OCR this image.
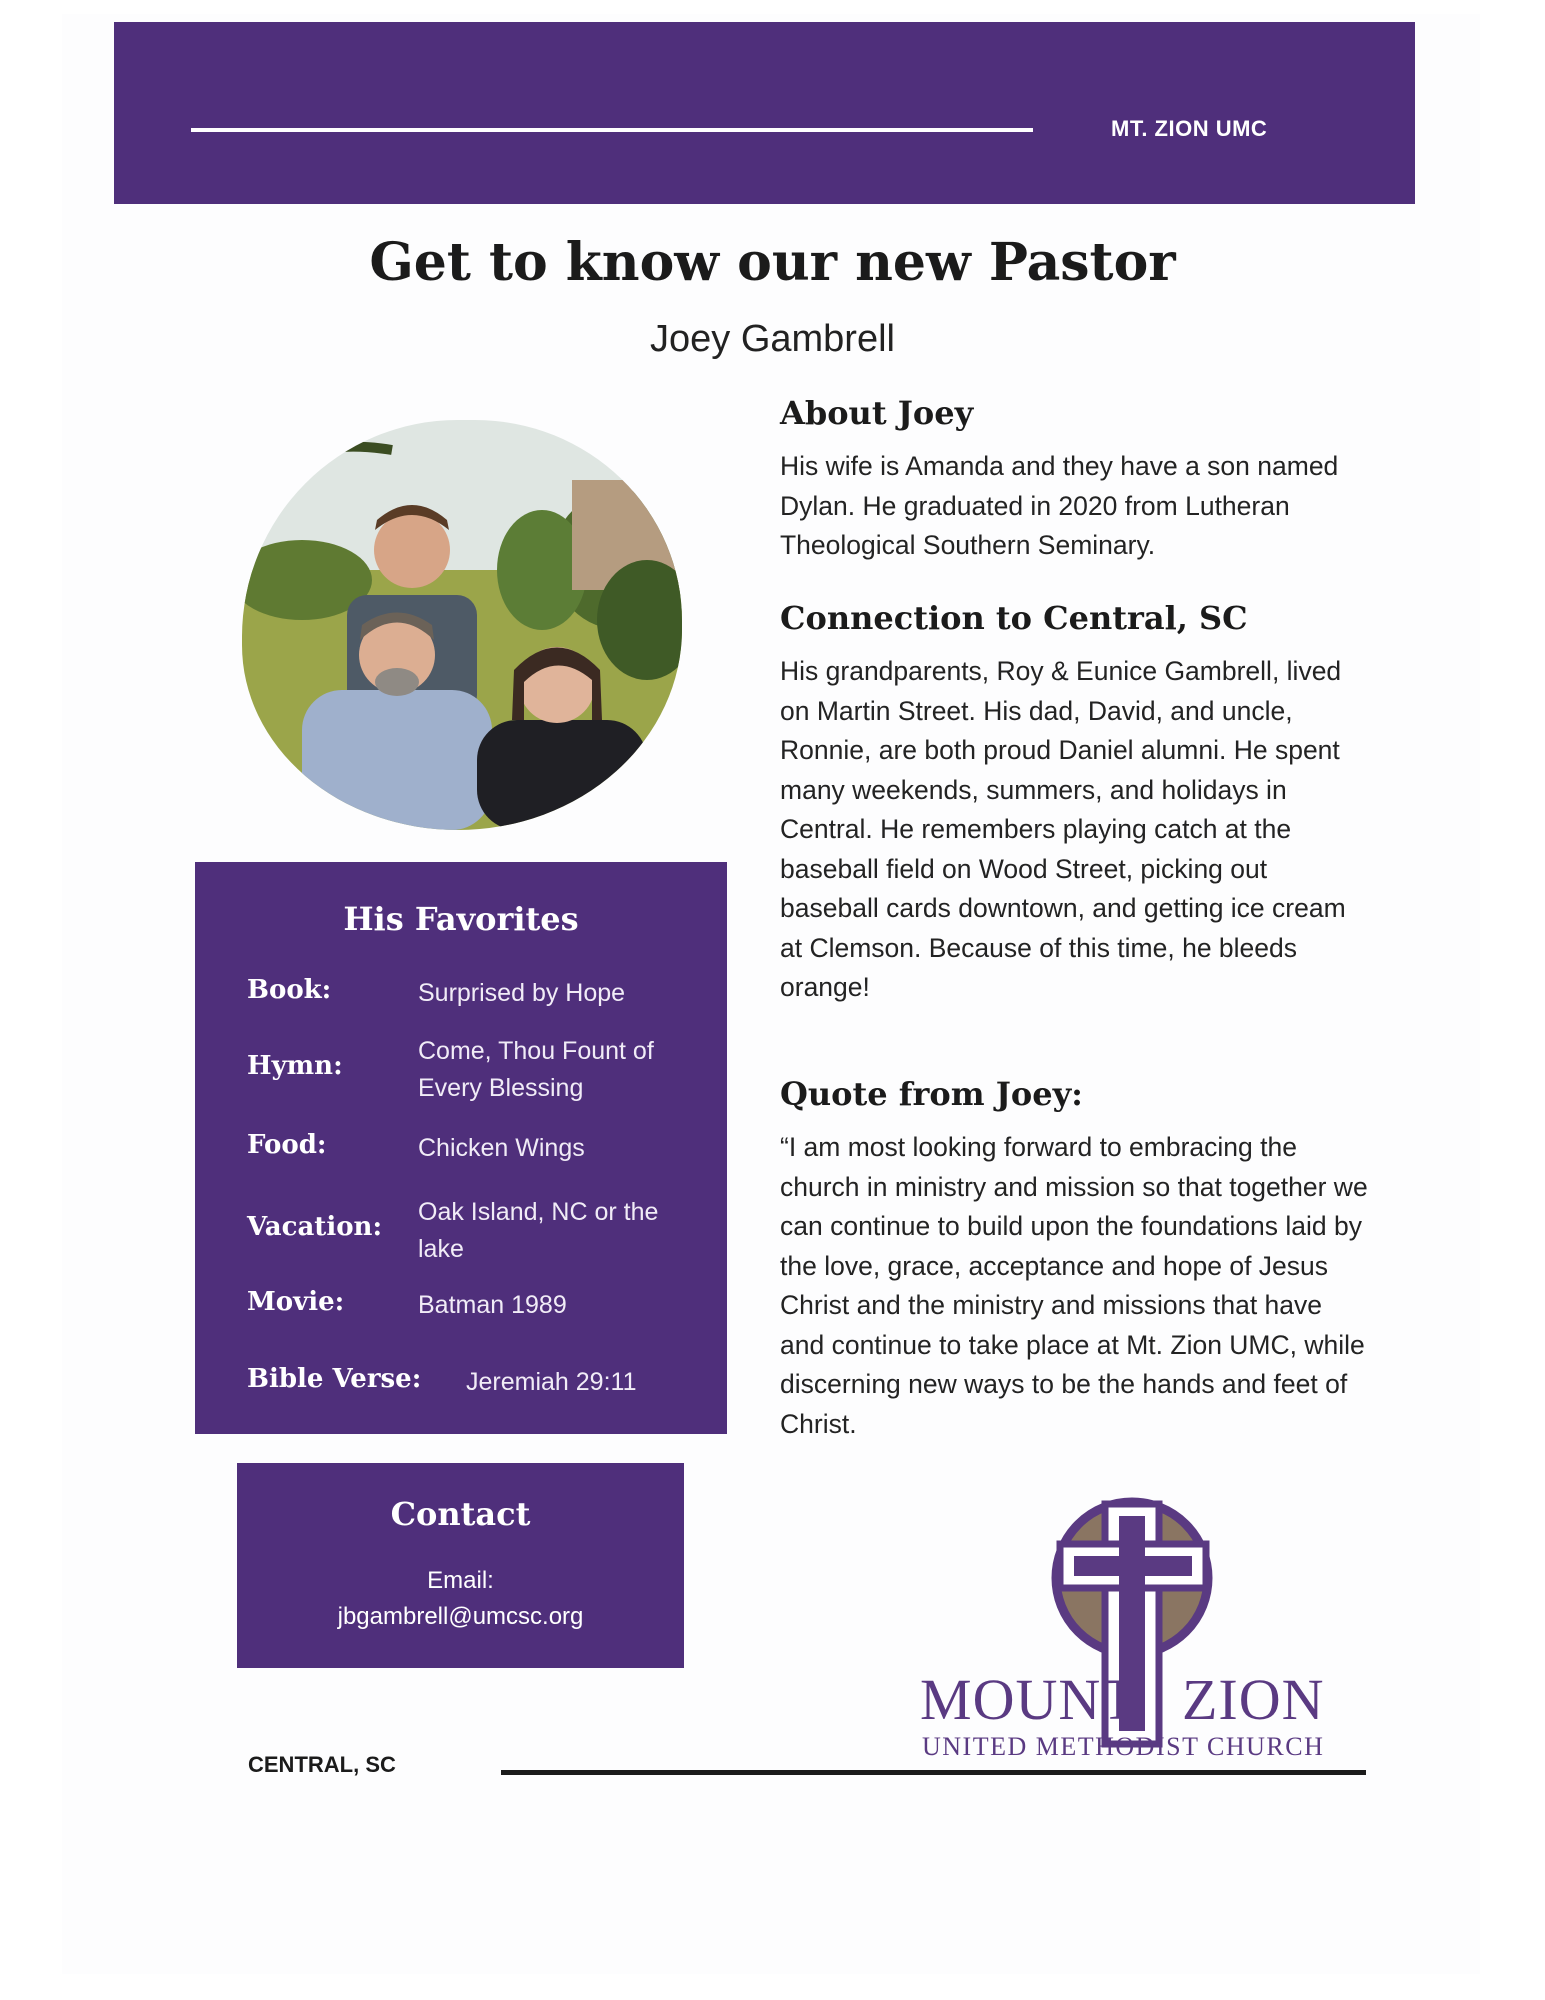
MT. ZION UMC
Get to know our new Pastor
Joey Gambrell
His Favorites
Book:	Surprised by Hope
Hymn:	Come, Thou Fount of Every Blessing
Food:	Chicken Wings
Vacation: Oak Island, NC or the lake
Movie:	Batman 1989
Bible Verse: Jeremiah 29:11
Contact
Email:
jbgambrell@umcsc.org
About Joey
His wife is Amanda and they have a son named Dylan. He graduated in 2020 from Lutheran Theological Southern Seminary.
Connection to Central, SC
His grandparents, Roy & Eunice Gambrell, lived on Martin Street. His dad, David, and uncle, Ronnie, are both proud Daniel alumni. He spent many weekends, summers, and holidays in Central. He remembers playing catch at the baseball field on Wood Street, picking out baseball cards downtown, and getting ice cream at Clemson. Because of this time, he bleeds orange!
Quote from Joey:
“I am most looking forward to embracing the church in ministry and mission so that together we can continue to build upon the foundations laid by the love, grace, acceptance and hope of Jesus Christ and the ministry and missions that have and continue to take place at Mt. Zion UMC, while discerning new ways to be the hands and feet of Christ.
MOUNT ZION
UNITED METHODIST CHURCH
CENTRAL, SC
